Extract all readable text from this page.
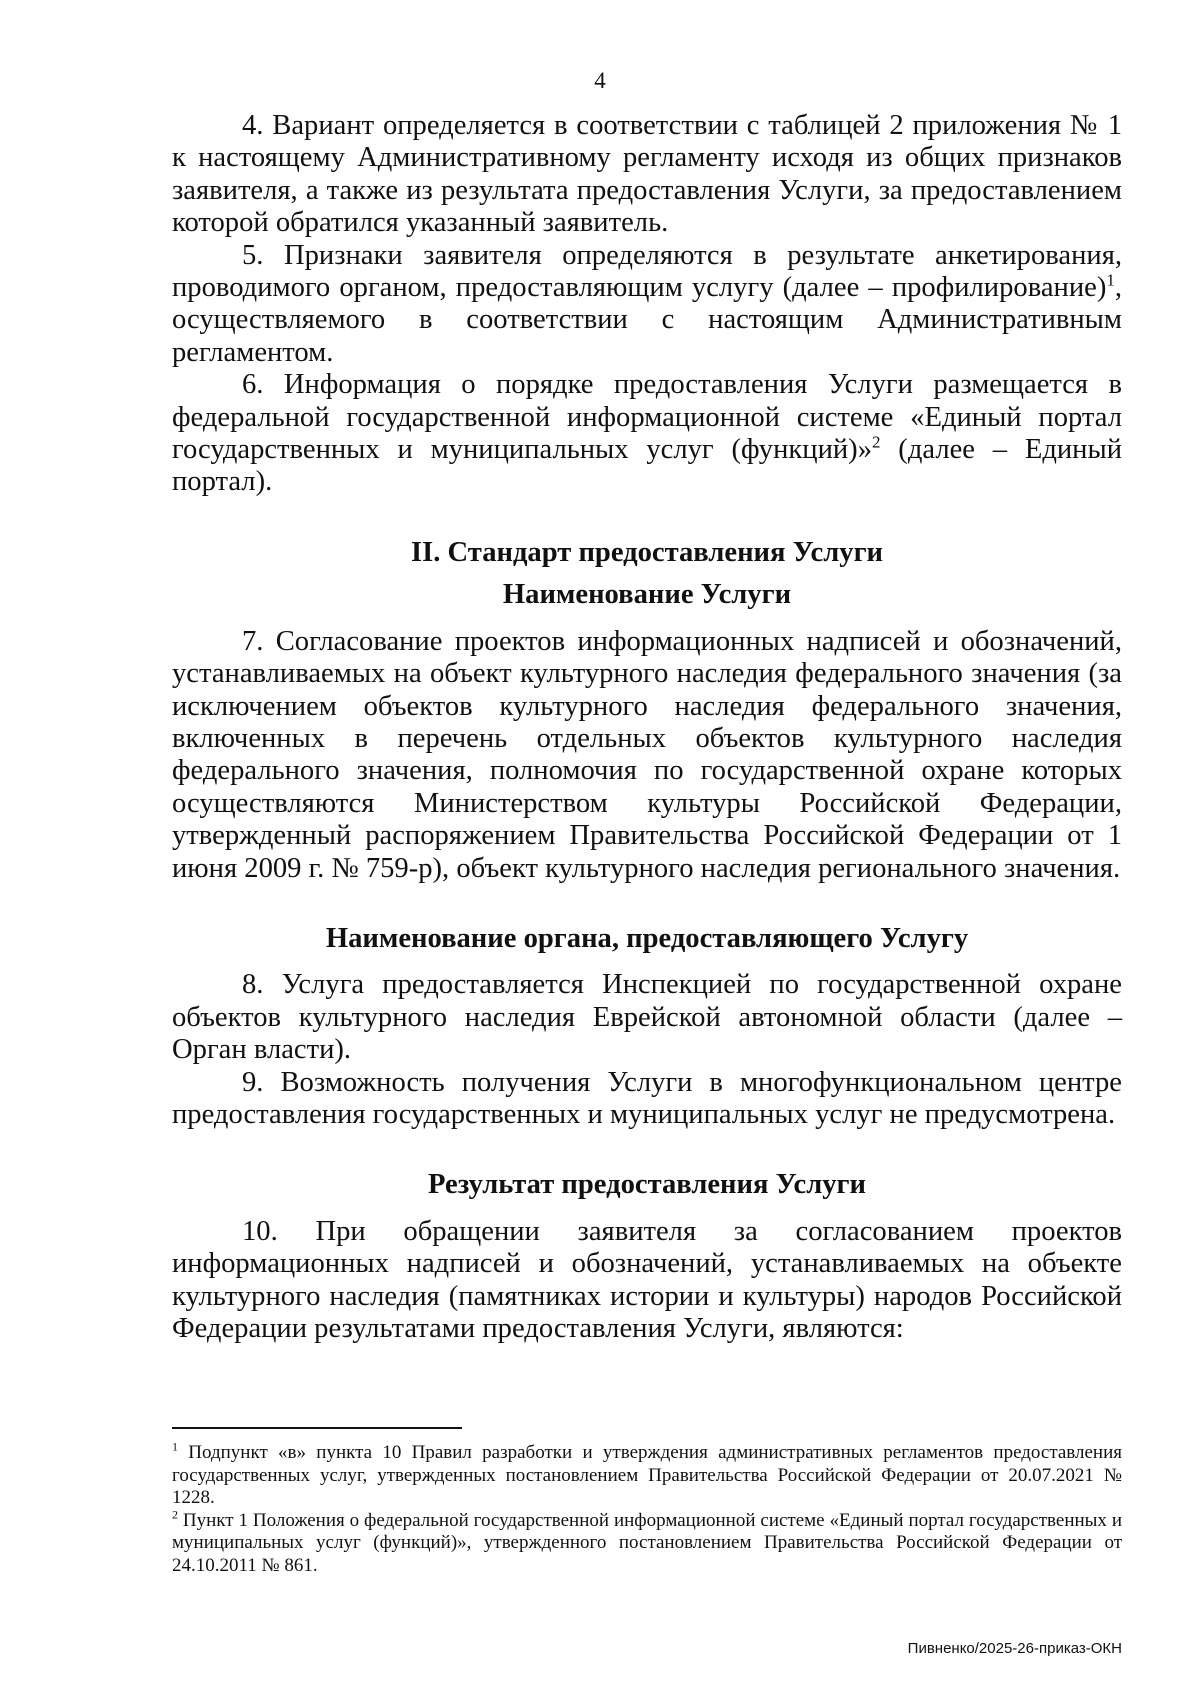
4

4. Вариант определяется в соответствии с таблицей 2 приложения № 1 к настоящему Административному регламенту исходя из общих признаков заявителя, а также из результата предоставления Услуги, за предоставлением которой обратился указанный заявитель.

5. Признаки заявителя определяются в результате анкетирования, проводимого органом, предоставляющим услугу (далее – профилирование)$^1$, осуществляемого в соответствии с настоящим Административным регламентом.

6. Информация о порядке предоставления Услуги размещается в федеральной государственной информационной системе «Единый портал государственных и муниципальных услуг (функций)»$^2$ (далее – Единый портал).

II. Стандарт предоставления Услуги

Наименование Услуги

7. Согласование проектов информационных надписей и обозначений, устанавливаемых на объект культурного наследия федерального значения (за исключением объектов культурного наследия федерального значения, включенных в перечень отдельных объектов культурного наследия федерального значения, полномочия по государственной охране которых осуществляются Министерством культуры Российской Федерации, утвержденный распоряжением Правительства Российской Федерации от 1 июня 2009 г. № 759-р), объект культурного наследия регионального значения.

Наименование органа, предоставляющего Услугу

8. Услуга предоставляется Инспекцией по государственной охране объектов культурного наследия Еврейской автономной области (далее – Орган власти).

9. Возможность получения Услуги в многофункциональном центре предоставления государственных и муниципальных услуг не предусмотрена.

Результат предоставления Услуги

10. При обращении заявителя за согласованием проектов информационных надписей и обозначений, устанавливаемых на объекте культурного наследия (памятниках истории и культуры) народов Российской Федерации результатами предоставления Услуги, являются:

$^1$ Подпункт «в» пункта 10 Правил разработки и утверждения административных регламентов предоставления государственных услуг, утвержденных постановлением Правительства Российской Федерации от 20.07.2021 № 1228.

$^2$ Пункт 1 Положения о федеральной государственной информационной системе «Единый портал государственных и муниципальных услуг (функций)», утвержденного постановлением Правительства Российской Федерации от 24.10.2011 № 861.

Пивненко/2025-26-приказ-ОКН
